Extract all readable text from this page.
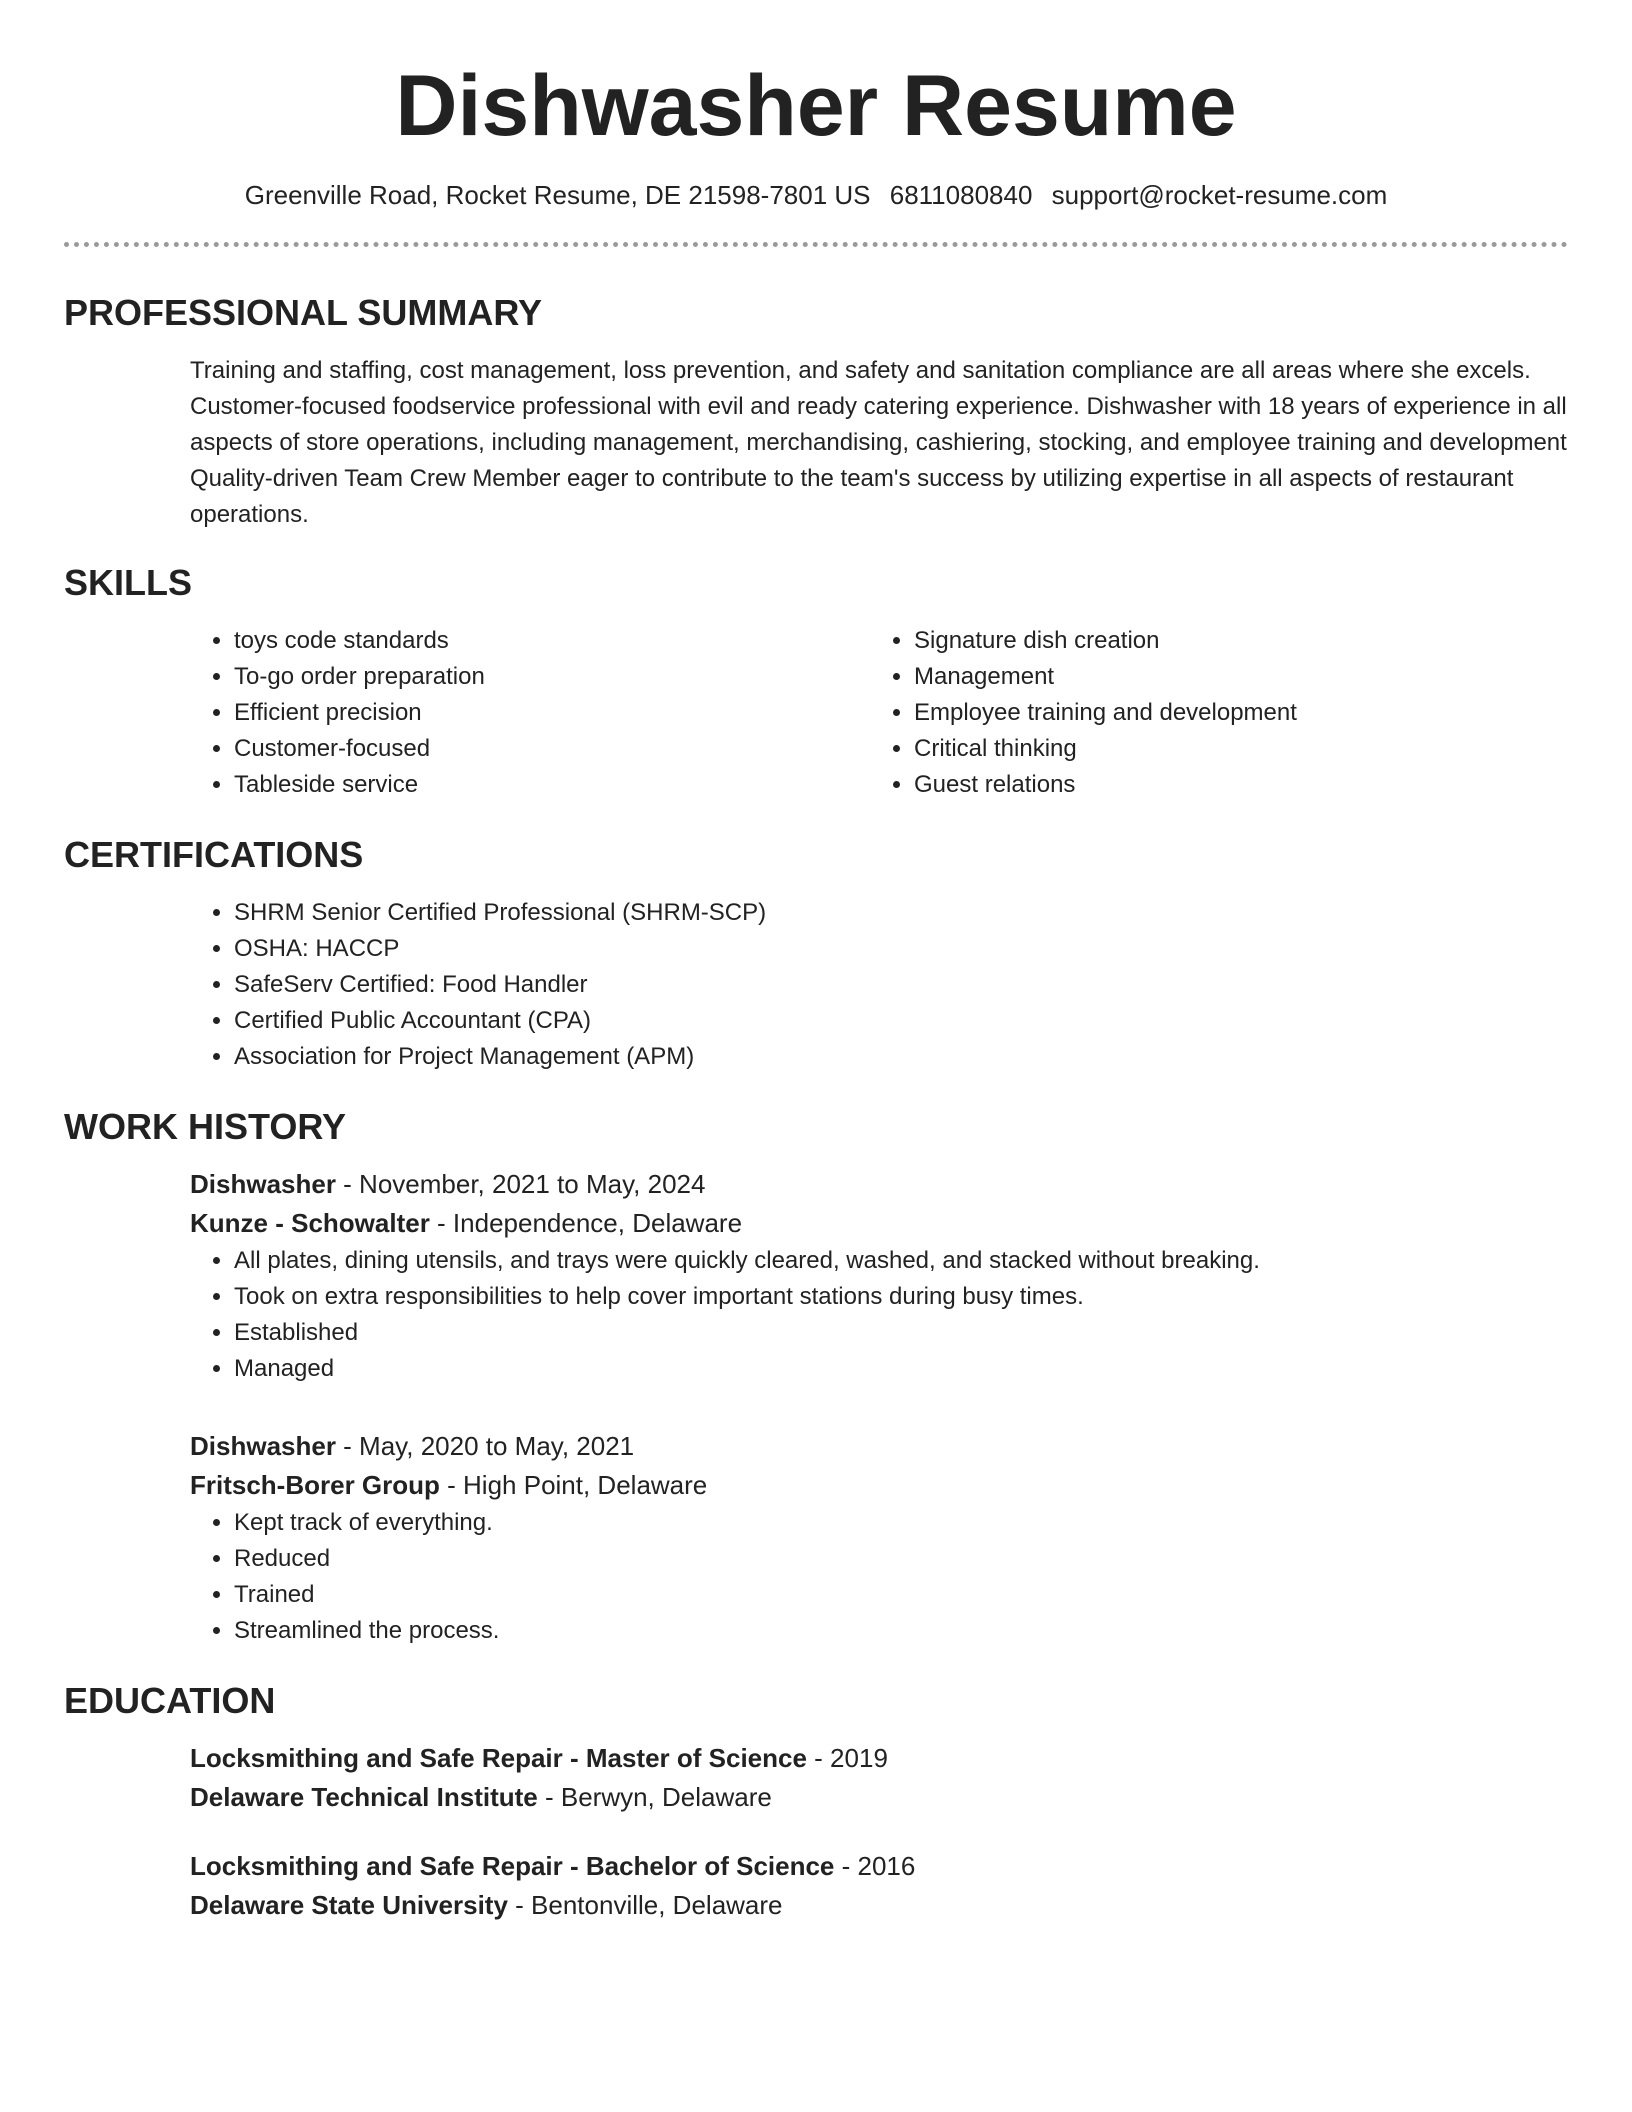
Dishwasher Resume
Greenville Road, Rocket Resume, DE 21598-7801 US 6811080840 support@rocket-resume.com
PROFESSIONAL SUMMARY

Training and staffing, cost management, loss prevention, and safety and sanitation compliance are all areas where she excels. Customer-focused foodservice professional with evil and ready catering experience. Dishwasher with 18 years of experience in all aspects of store operations, including management, merchandising, cashiering, stocking, and employee training and development Quality-driven Team Crew Member eager to contribute to the team's success by utilizing expertise in all aspects of restaurant operations.

SKILLS
• toys code standards
• To-go order preparation
• Efficient precision
• Customer-focused
• Tableside service
• Signature dish creation
• Management
• Employee training and development
• Critical thinking
• Guest relations
CERTIFICATIONS
• SHRM Senior Certified Professional (SHRM-SCP)
• OSHA: HACCP
• SafeServ Certified: Food Handler
• Certified Public Accountant (CPA)
• Association for Project Management (APM)
WORK HISTORY

Dishwasher - November, 2021 to May, 2024

Kunze - Schowalter - Independence, Delaware

• All plates, dining utensils, and trays were quickly cleared, washed, and stacked without breaking.
• Took on extra responsibilities to help cover important stations during busy times.
• Established
• Managed

Dishwasher - May, 2020 to May, 2021

Fritsch-Borer Group - High Point, Delaware

• Kept track of everything.
• Reduced
• Trained
• Streamlined the process.
EDUCATION

Locksmithing and Safe Repair - Master of Science - 2019

Delaware Technical Institute - Berwyn, Delaware

Locksmithing and Safe Repair - Bachelor of Science - 2016

Delaware State University - Bentonville, Delaware
